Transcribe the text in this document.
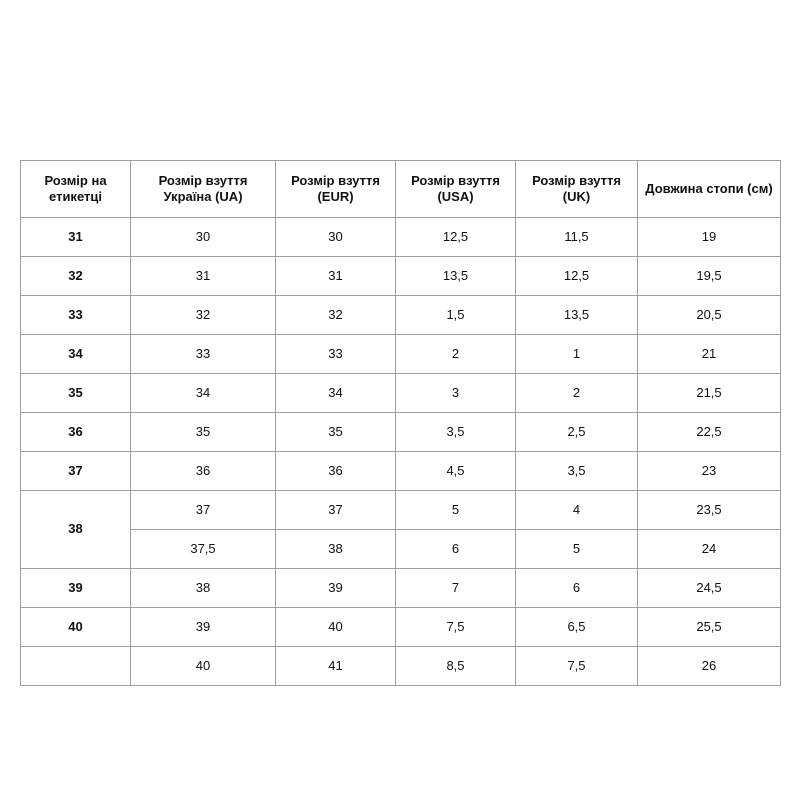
Розмір на етикетці	Розмір взуття Україна (UA)	Розмір взуття (EUR)	Розмір взуття (USA)	Розмір взуття (UK)	Довжина стопи (см)
31	30	30	12,5	11,5	19
32	31	31	13,5	12,5	19,5
33	32	32	1,5	13,5	20,5
34	33	33	2	1	21
35	34	34	3	2	21,5
36	35	35	3,5	2,5	22,5
37	36	36	4,5	3,5	23
38	37	37	5	4	23,5
	37,5	38	6	5	24
39	38	39	7	6	24,5
40	39	40	7,5	6,5	25,5
	40	41	8,5	7,5	26
